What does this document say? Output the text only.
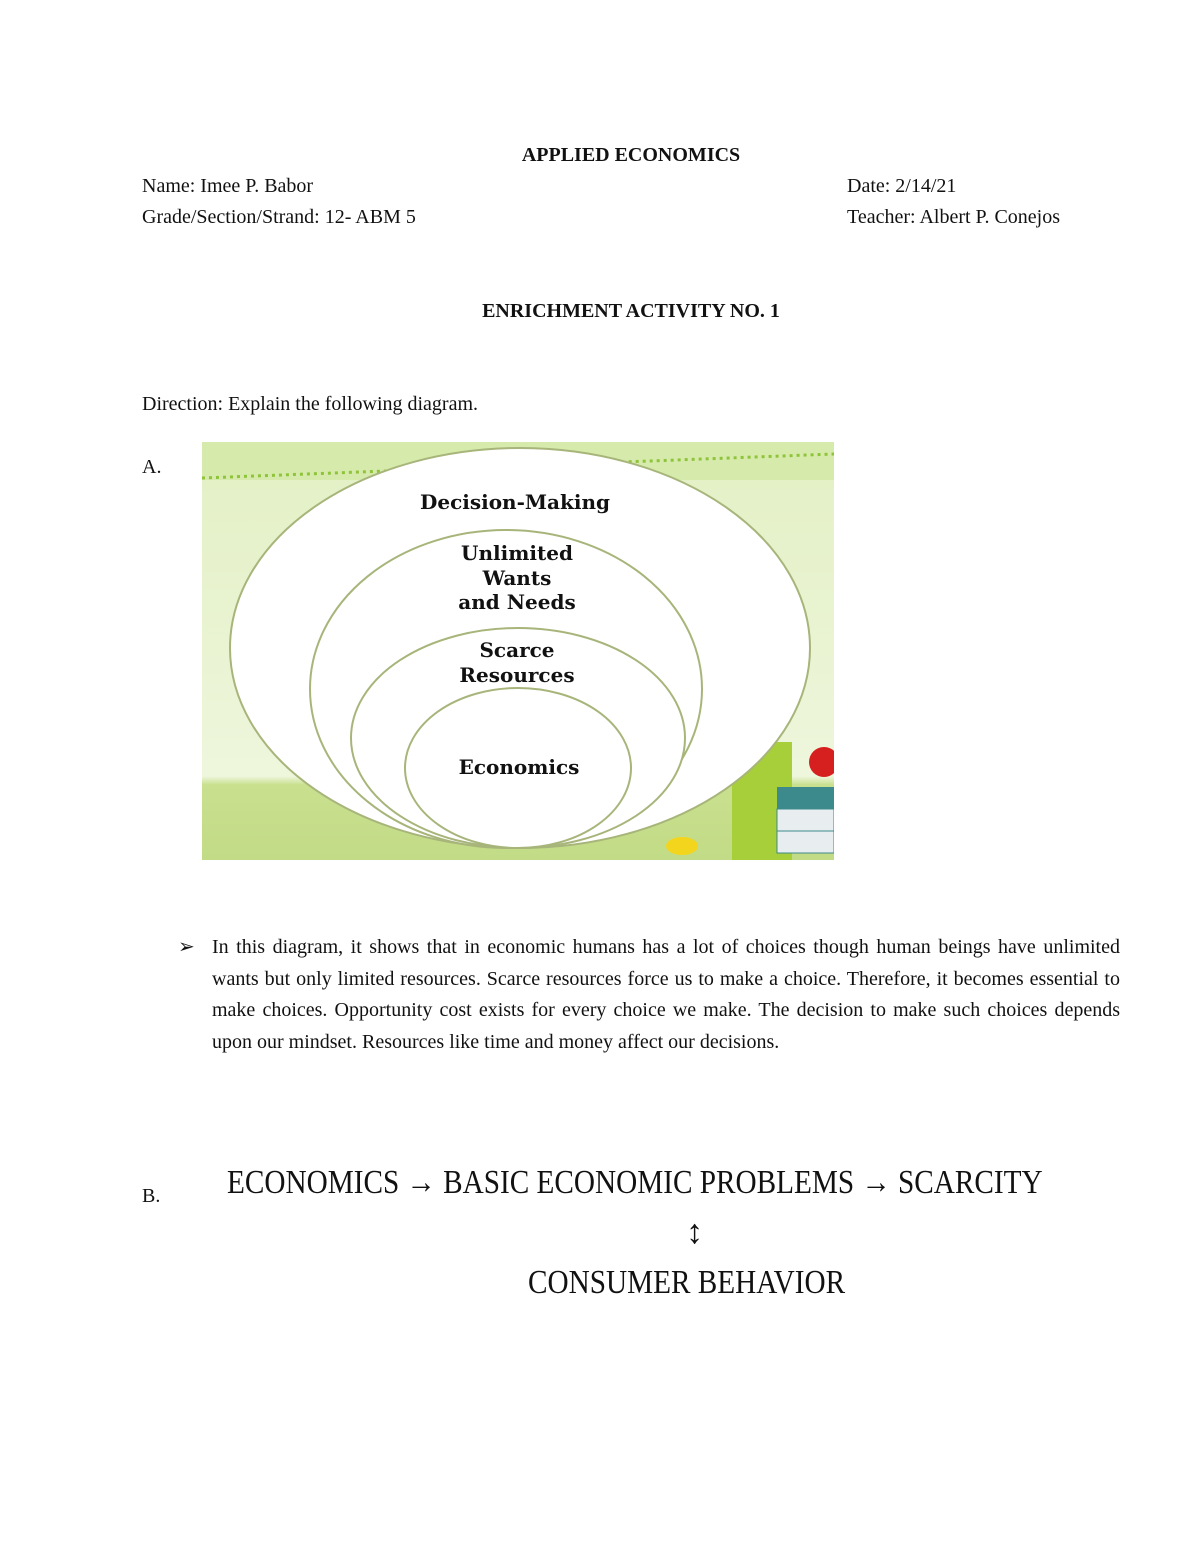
APPLIED ECONOMICS
Name: Imee P. Babor	Date: 2/14/21
Grade/Section/Strand: 12- ABM 5	Teacher: Albert P. Conejos
ENRICHMENT ACTIVITY NO. 1
Direction: Explain the following diagram.
A.
Decision-Making
Unlimited
Wants
and Needs
Scarce
Resources
Economics
➢ In this diagram, it shows that in economic humans has a lot of choices though human beings have unlimited wants but only limited resources. Scarce resources force us to make a choice. Therefore, it becomes essential to make choices. Opportunity cost exists for every choice we make. The decision to make such choices depends upon our mindset. Resources like time and money affect our decisions.
B. ECONOMICS → BASIC ECONOMIC PROBLEMS → SCARCITY
↕
CONSUMER BEHAVIOR
